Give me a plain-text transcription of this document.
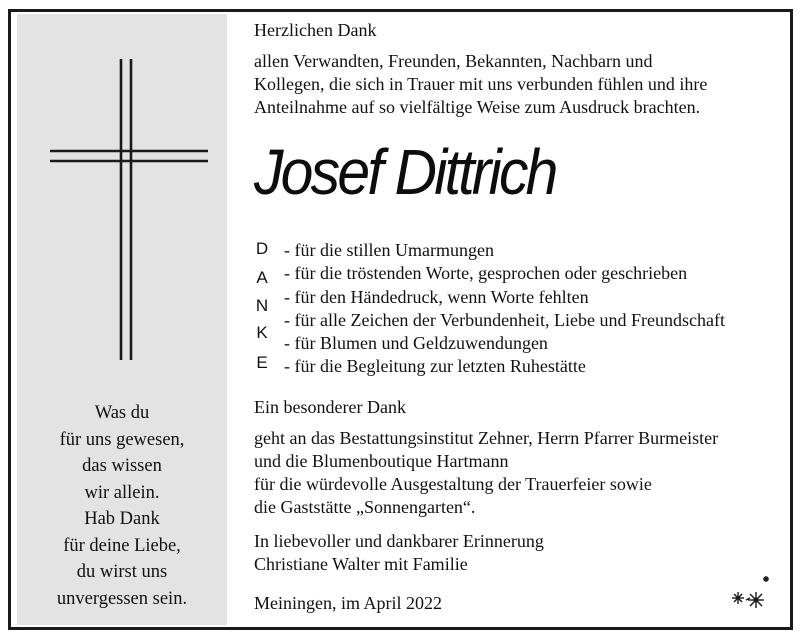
Was du
für uns gewesen,
das wissen
wir allein.
Hab Dank
für deine Liebe,
du wirst uns
unvergessen sein.
Herzlichen Dank
allen Verwandten, Freunden, Bekannten, Nachbarn und
Kollegen, die sich in Trauer mit uns verbunden fühlen und ihre
Anteilnahme auf so vielfältige Weise zum Ausdruck brachten.
Josef Dittrich
D
A
N
K
E
- für die stillen Umarmungen
- für die tröstenden Worte, gesprochen oder geschrieben
- für den Händedruck, wenn Worte fehlten
- für alle Zeichen der Verbundenheit, Liebe und Freundschaft
- für Blumen und Geldzuwendungen
- für die Begleitung zur letzten Ruhestätte
Ein besonderer Dank
geht an das Bestattungsinstitut Zehner, Herrn Pfarrer Burmeister
und die Blumenboutique Hartmann
für die würdevolle Ausgestaltung der Trauerfeier sowie
die Gaststätte „Sonnengarten“.
In liebevoller und dankbarer Erinnerung
Christiane Walter mit Familie
Meiningen, im April 2022
